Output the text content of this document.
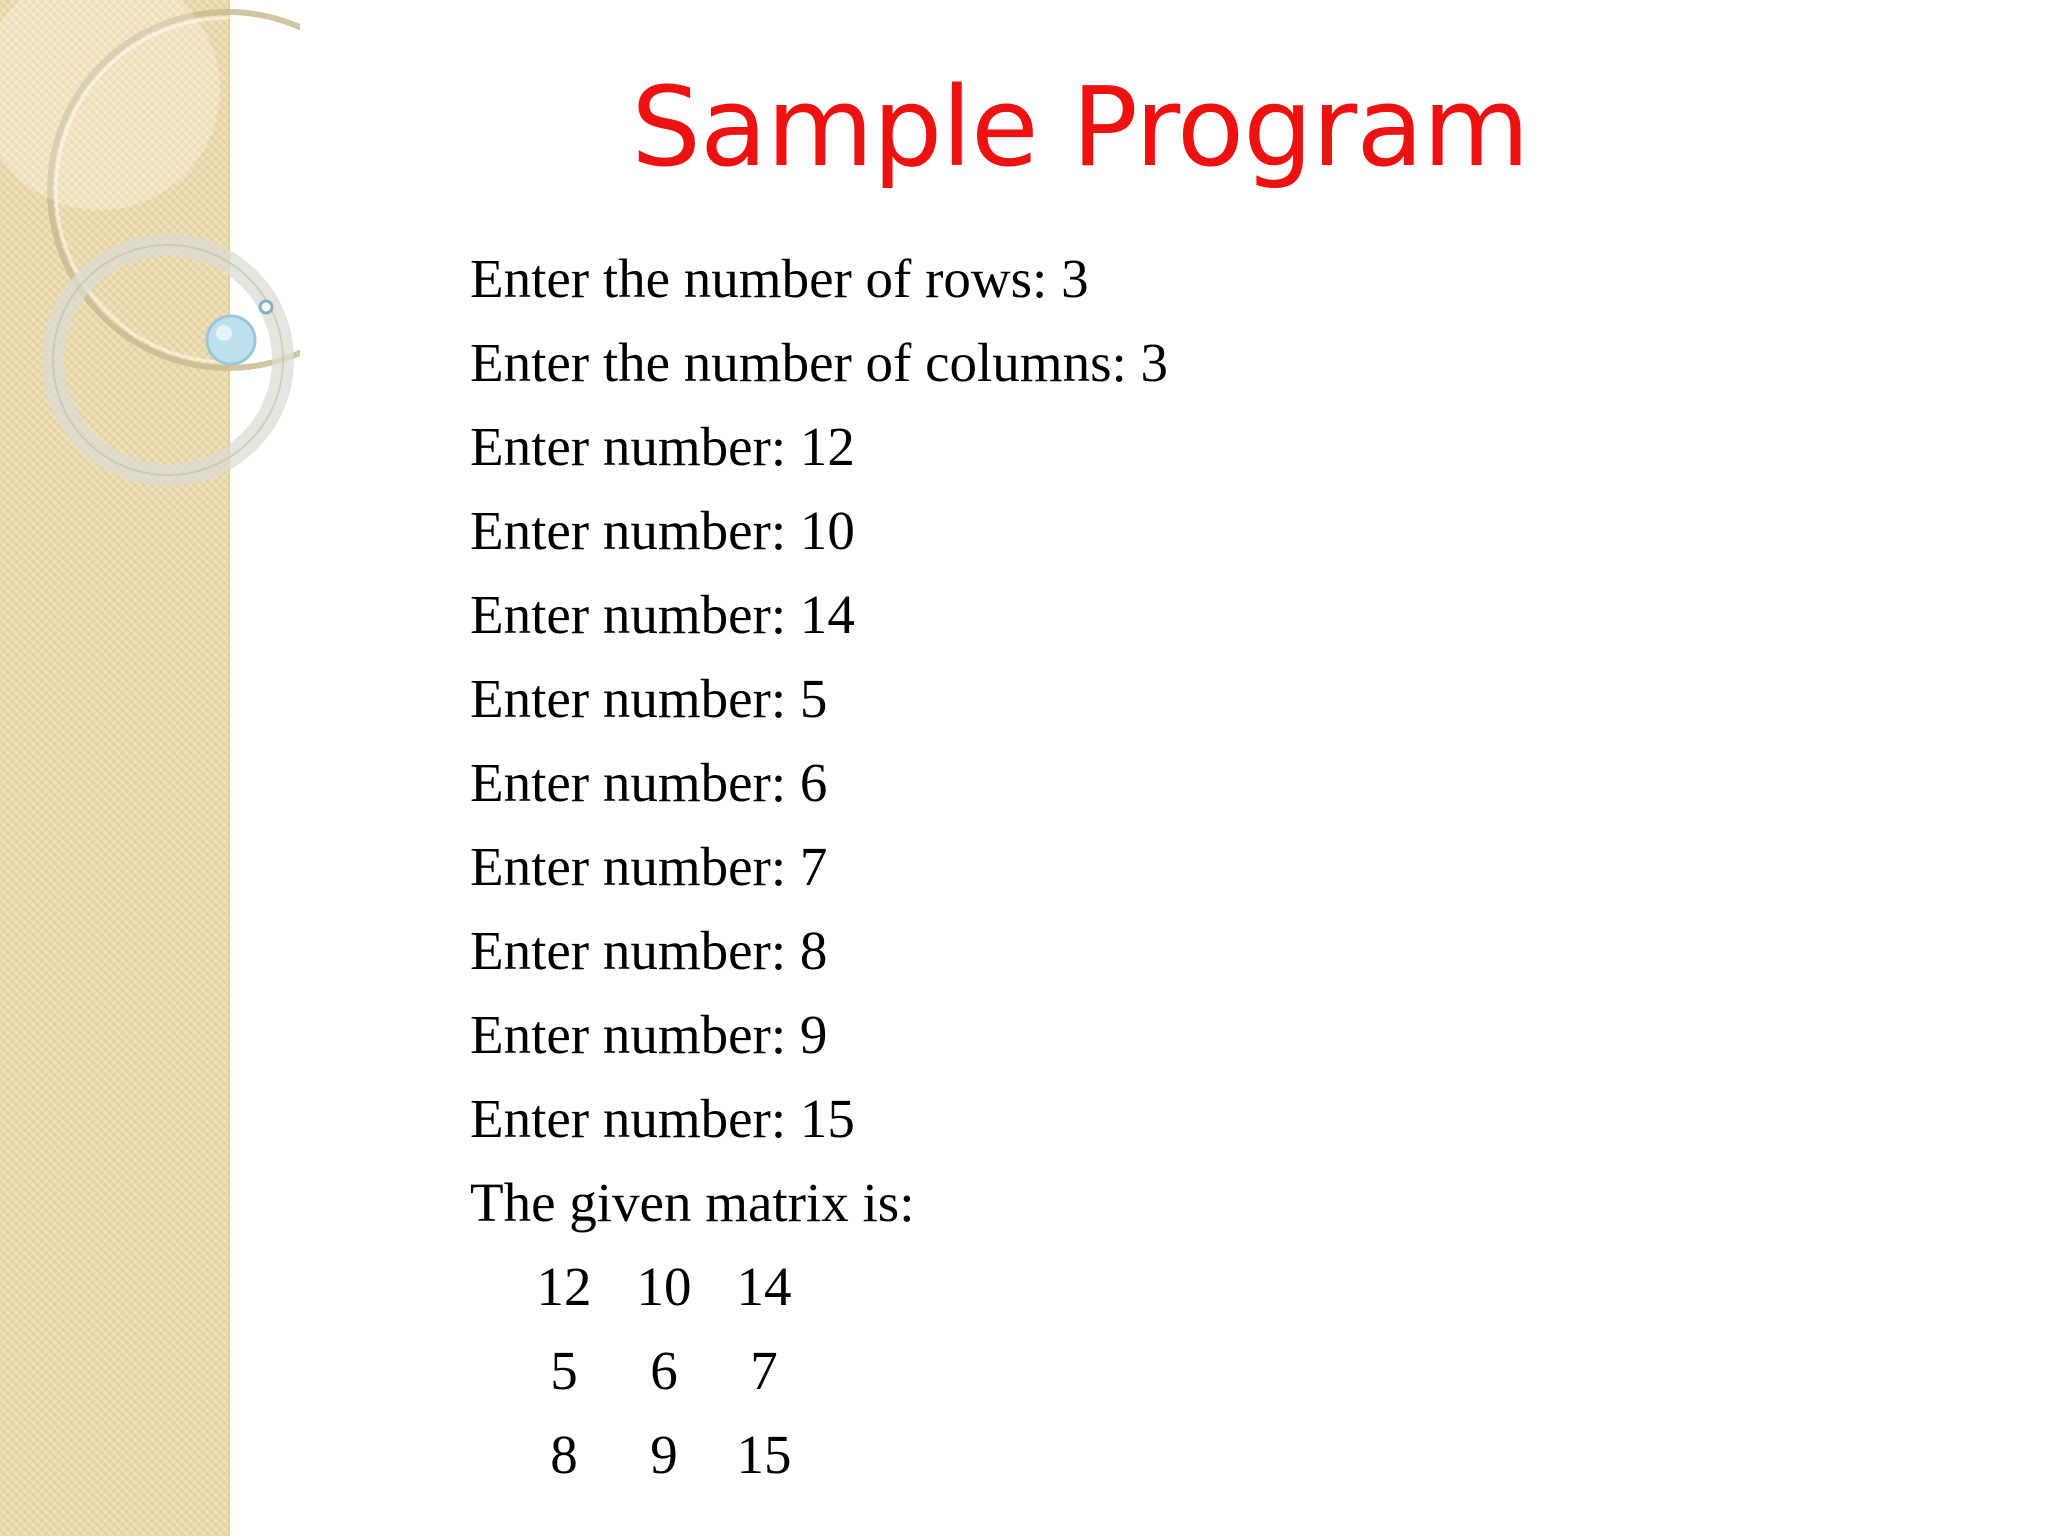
Sample Program
Enter the number of rows: 3
Enter the number of columns: 3
Enter number: 12
Enter number: 10
Enter number: 14
Enter number: 5
Enter number: 6
Enter number: 7
Enter number: 8
Enter number: 9
Enter number: 15
The given matrix is:
12 10 14
5 6 7
8 9 15
